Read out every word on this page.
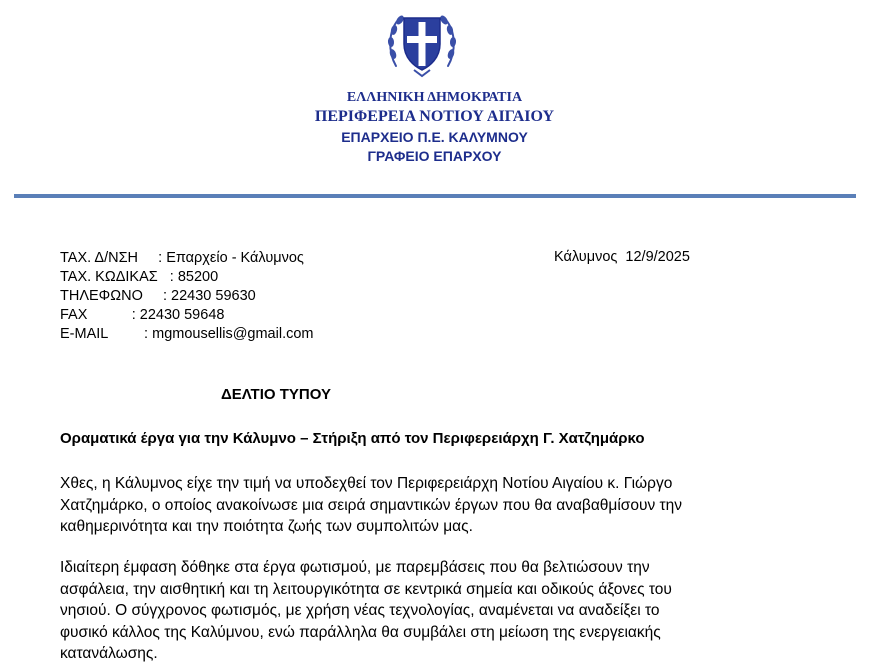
ΕΛΛΗΝΙΚΗ ΔΗΜΟΚΡΑΤΙΑ
ΠΕΡΙΦΕΡΕΙΑ ΝΟΤΙΟΥ ΑΙΓΑΙΟΥ
ΕΠΑΡΧΕΙΟ Π.Ε. ΚΑΛΥΜΝΟΥ
ΓΡΑΦΕΙΟ ΕΠΑΡΧΟΥ
ΤΑΧ. Δ/ΝΣΗ     : Επαρχείο - Κάλυμνος
ΤΑΧ. ΚΩΔΙΚΑΣ   : 85200
ΤΗΛΕΦΩΝΟ     : 22430 59630
FAX           : 22430 59648
E-MAIL         : mgmousellis@gmail.com
Κάλυμνος  12/9/2025
ΔΕΛΤΙΟ ΤΥΠΟΥ
Οραματικά έργα για την Κάλυμνο – Στήριξη από τον Περιφερειάρχη Γ. Χατζημάρκο
Χθες, η Κάλυμνος είχε την τιμή να υποδεχθεί τον Περιφερειάρχη Νοτίου Αιγαίου κ. Γιώργο
Χατζημάρκο, ο οποίος ανακοίνωσε μια σειρά σημαντικών έργων που θα αναβαθμίσουν την
καθημερινότητα και την ποιότητα ζωής των συμπολιτών μας.
Ιδιαίτερη έμφαση δόθηκε στα έργα φωτισμού, με παρεμβάσεις που θα βελτιώσουν την
ασφάλεια, την αισθητική και τη λειτουργικότητα σε κεντρικά σημεία και οδικούς άξονες του
νησιού. Ο σύγχρονος φωτισμός, με χρήση νέας τεχνολογίας, αναμένεται να αναδείξει το
φυσικό κάλλος της Καλύμνου, ενώ παράλληλα θα συμβάλει στη μείωση της ενεργειακής
κατανάλωσης.
